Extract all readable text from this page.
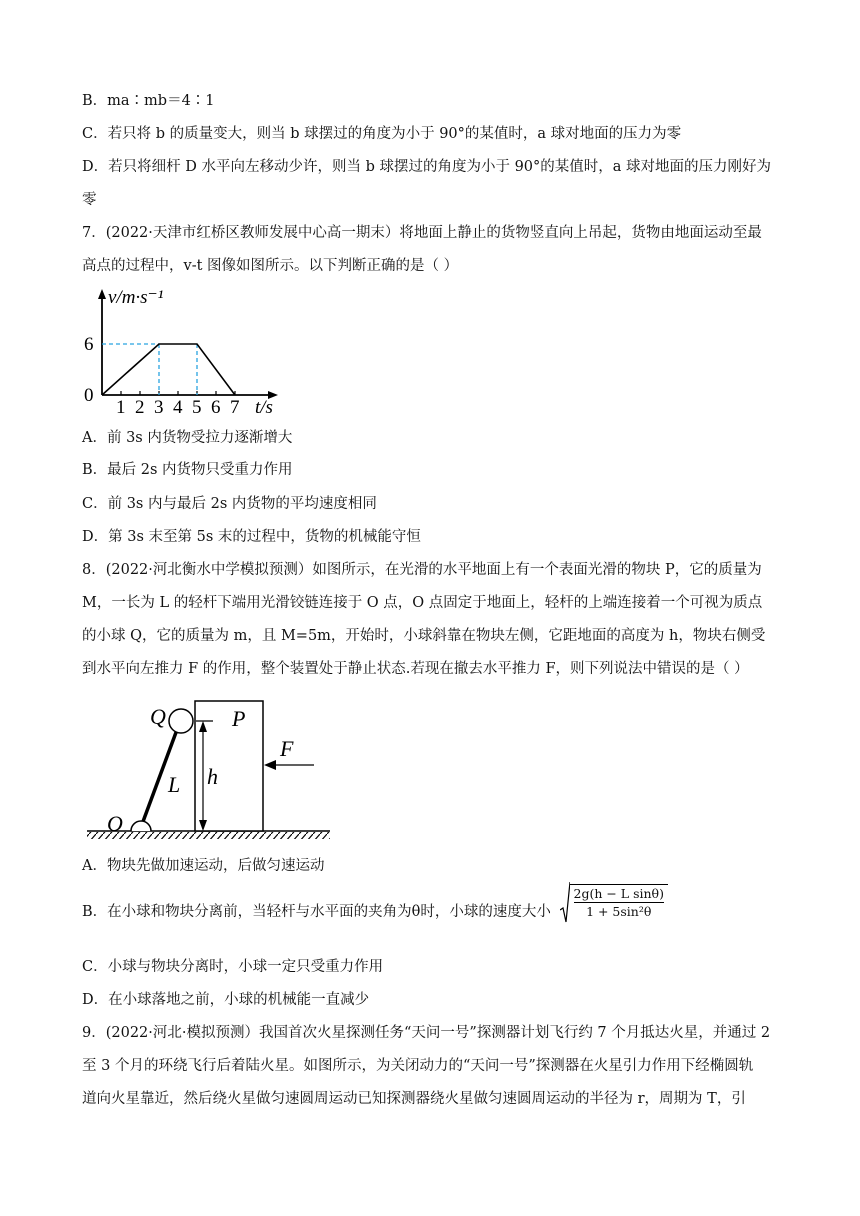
B．ma∶mb＝4∶1
C．若只将 b 的质量变大，则当 b 球摆过的角度为小于 90°的某值时，a 球对地面的压力为零
D．若只将细杆 D 水平向左移动少许，则当 b 球摆过的角度为小于 90°的某值时，a 球对地面的压力刚好为
零
7．(2022·天津市红桥区教师发展中心高一期末）将地面上静止的货物竖直向上吊起，货物由地面运动至最
高点的过程中，v-t 图像如图所示。以下判断正确的是（ ）
v/m·s⁻¹
t/s
0
1 2 3 4 5 6 7
6
A．前 3s 内货物受拉力逐渐增大
B．最后 2s 内货物只受重力作用
C．前 3s 内与最后 2s 内货物的平均速度相同
D．第 3s 末至第 5s 末的过程中，货物的机械能守恒
8．(2022·河北衡水中学模拟预测）如图所示，在光滑的水平地面上有一个表面光滑的物块 P，它的质量为
M，一长为 L 的轻杆下端用光滑铰链连接于 O 点，O 点固定于地面上，轻杆的上端连接着一个可视为质点
的小球 Q，它的质量为 m，且 M=5m，开始时，小球斜靠在物块左侧，它距地面的高度为 h，物块右侧受
到水平向左推力 F 的作用，整个装置处于静止状态.若现在撤去水平推力 F，则下列说法中错误的是（ ）
Q	P
F
L h
O
A．物块先做加速运动，后做匀速运动
B．在小球和物块分离前，当轻杆与水平面的夹角为θ时，小球的速度大小 $\frac{\text{2g(h − L sinθ)}}{\text{1 + 5sin²θ}}$
C．小球与物块分离时，小球一定只受重力作用
D．在小球落地之前，小球的机械能一直减少
9．(2022·河北·模拟预测）我国首次火星探测任务“天问一号”探测器计划飞行约 7 个月抵达火星，并通过 2
至 3 个月的环绕飞行后着陆火星。如图所示，为关闭动力的“天问一号”探测器在火星引力作用下经椭圆轨
道向火星靠近，然后绕火星做匀速圆周运动已知探测器绕火星做匀速圆周运动的半径为 r，周期为 T，引
